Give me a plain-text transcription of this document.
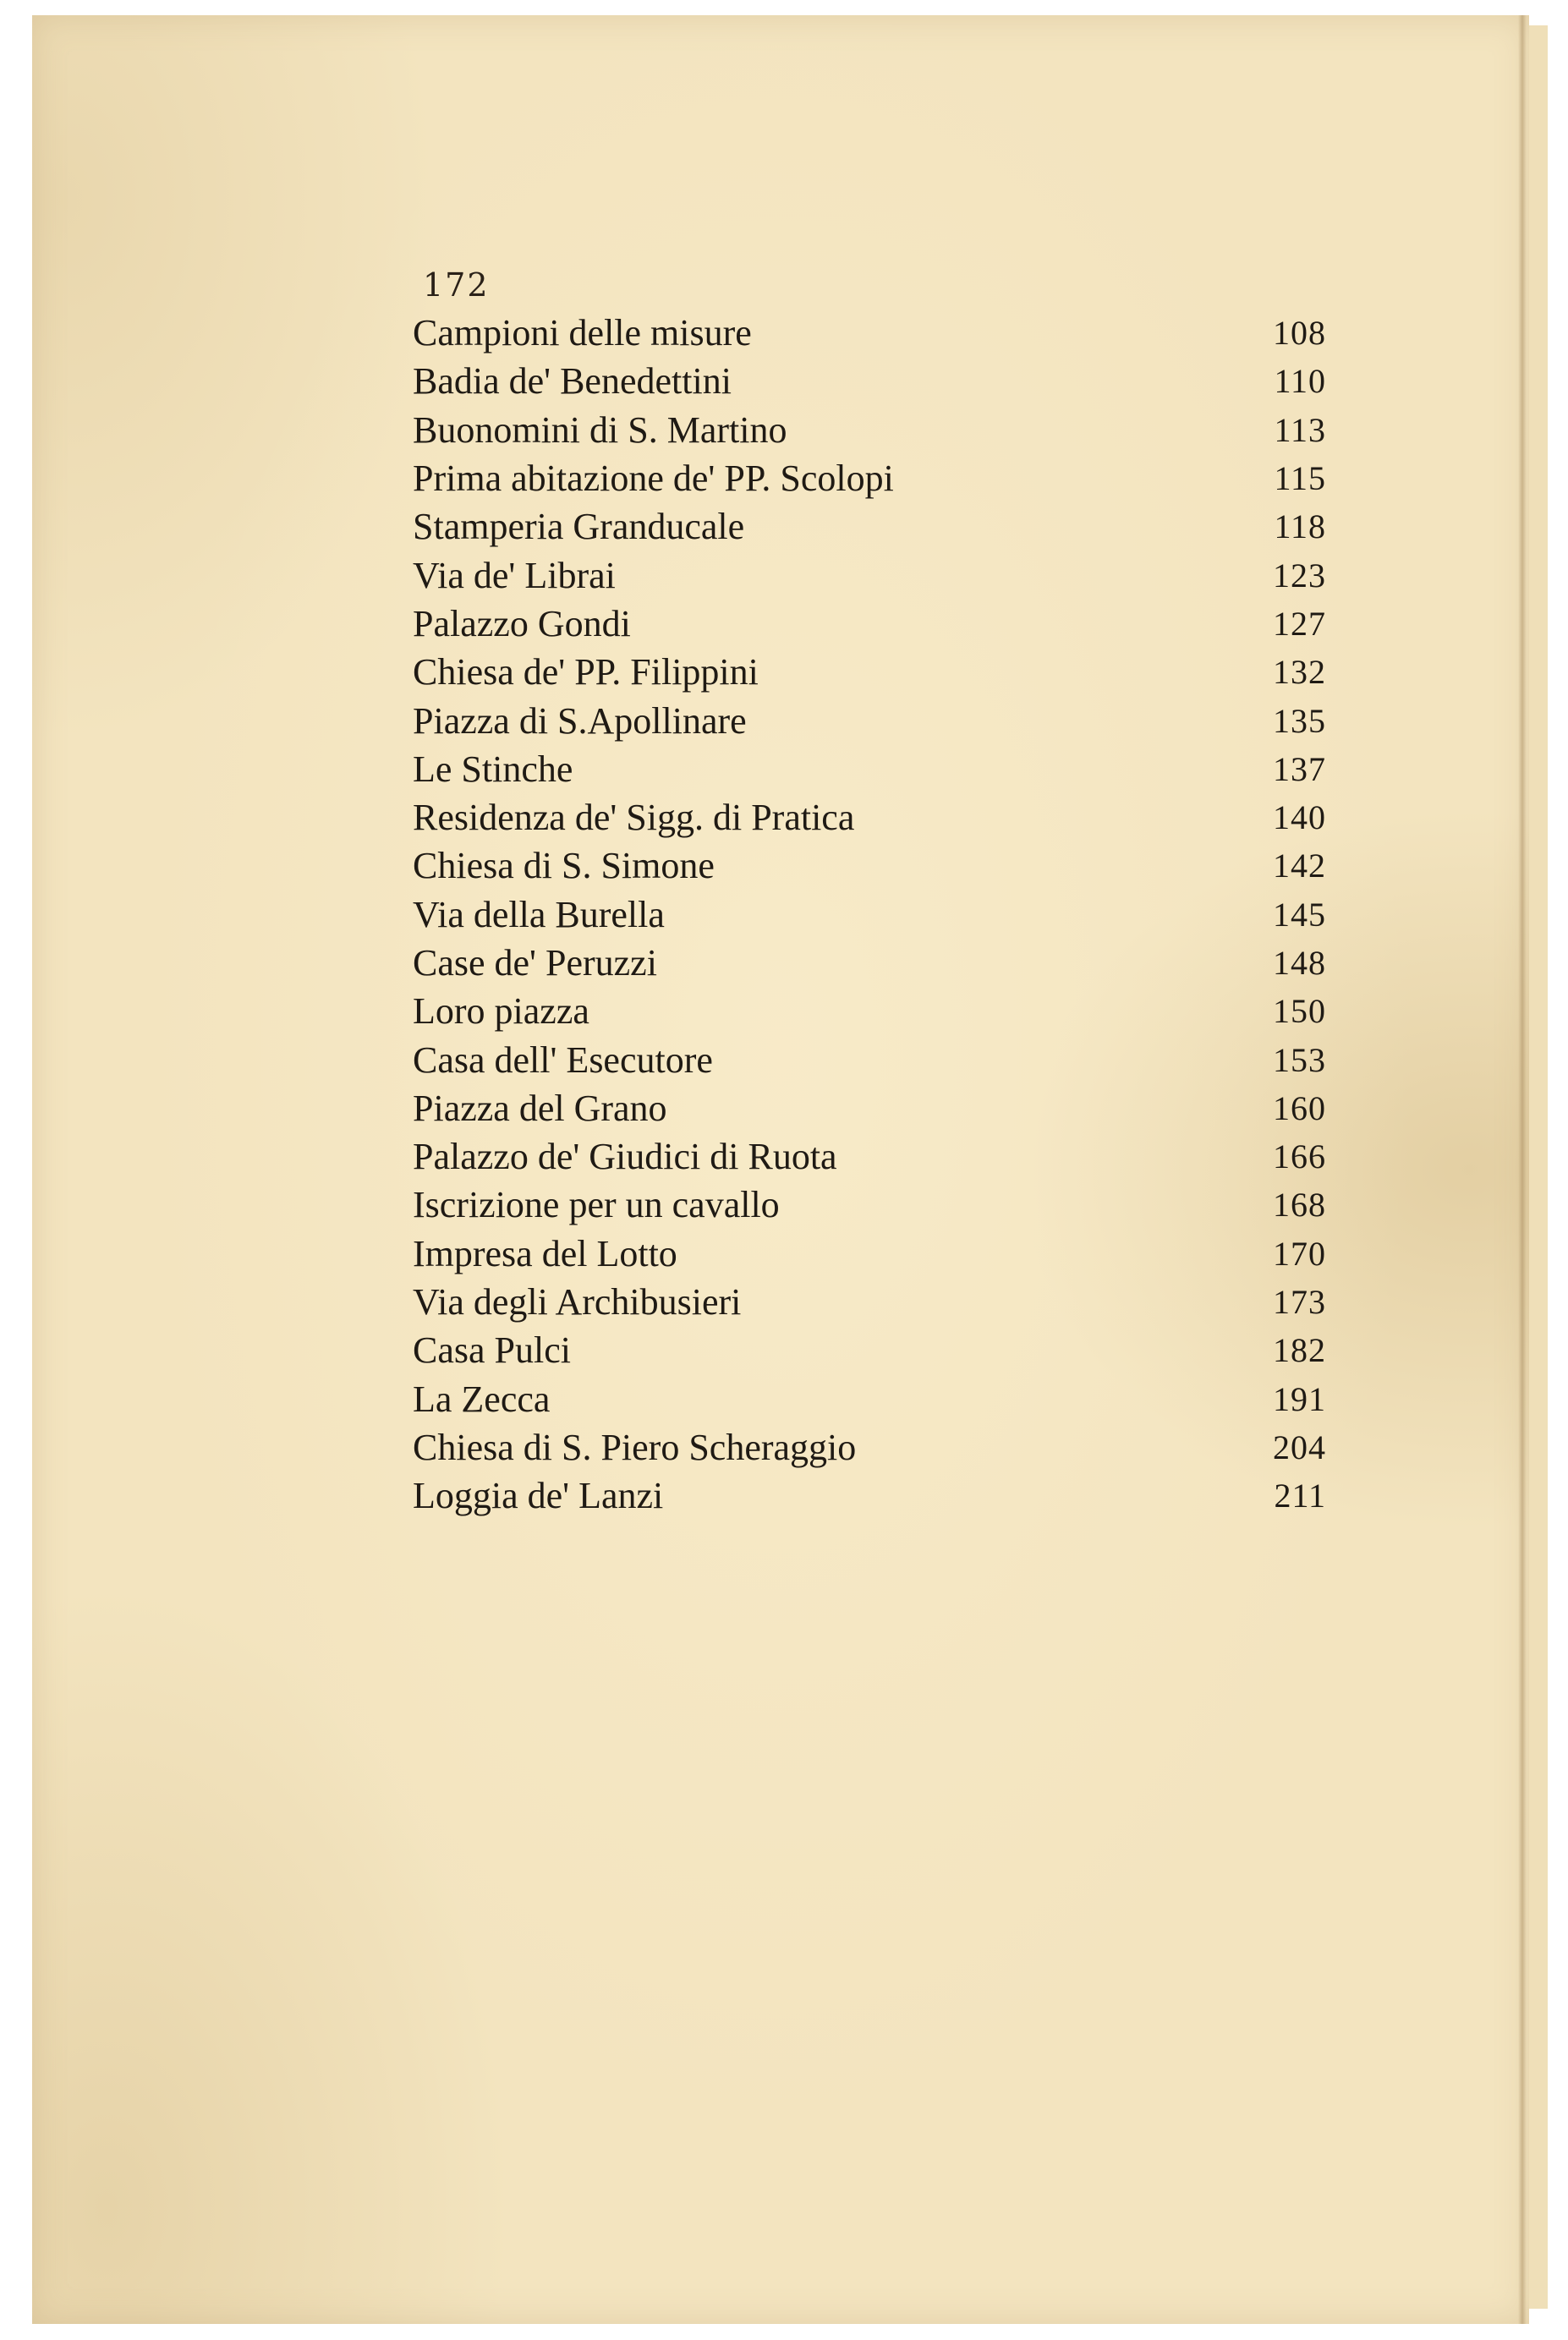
172
Campioni delle misure	108
Badia de' Benedettini	110
Buonomini di S. Martino	113
Prima abitazione de' PP. Scolopi	115
Stamperia Granducale	118
Via de' Librai	123
Palazzo Gondi	127
Chiesa de' PP. Filippini	132
Piazza di S.Apollinare	135
Le Stinche	137
Residenza de' Sigg. di Pratica	140
Chiesa di S. Simone	142
Via della Burella	145
Case de' Peruzzi	148
Loro piazza	150
Casa dell' Esecutore	153
Piazza del Grano	160
Palazzo de' Giudici di Ruota	166
Iscrizione per un cavallo	168
Impresa del Lotto	170
Via degli Archibusieri	173
Casa Pulci	182
La Zecca	191
Chiesa di S. Piero Scheraggio	204
Loggia de' Lanzi	211
